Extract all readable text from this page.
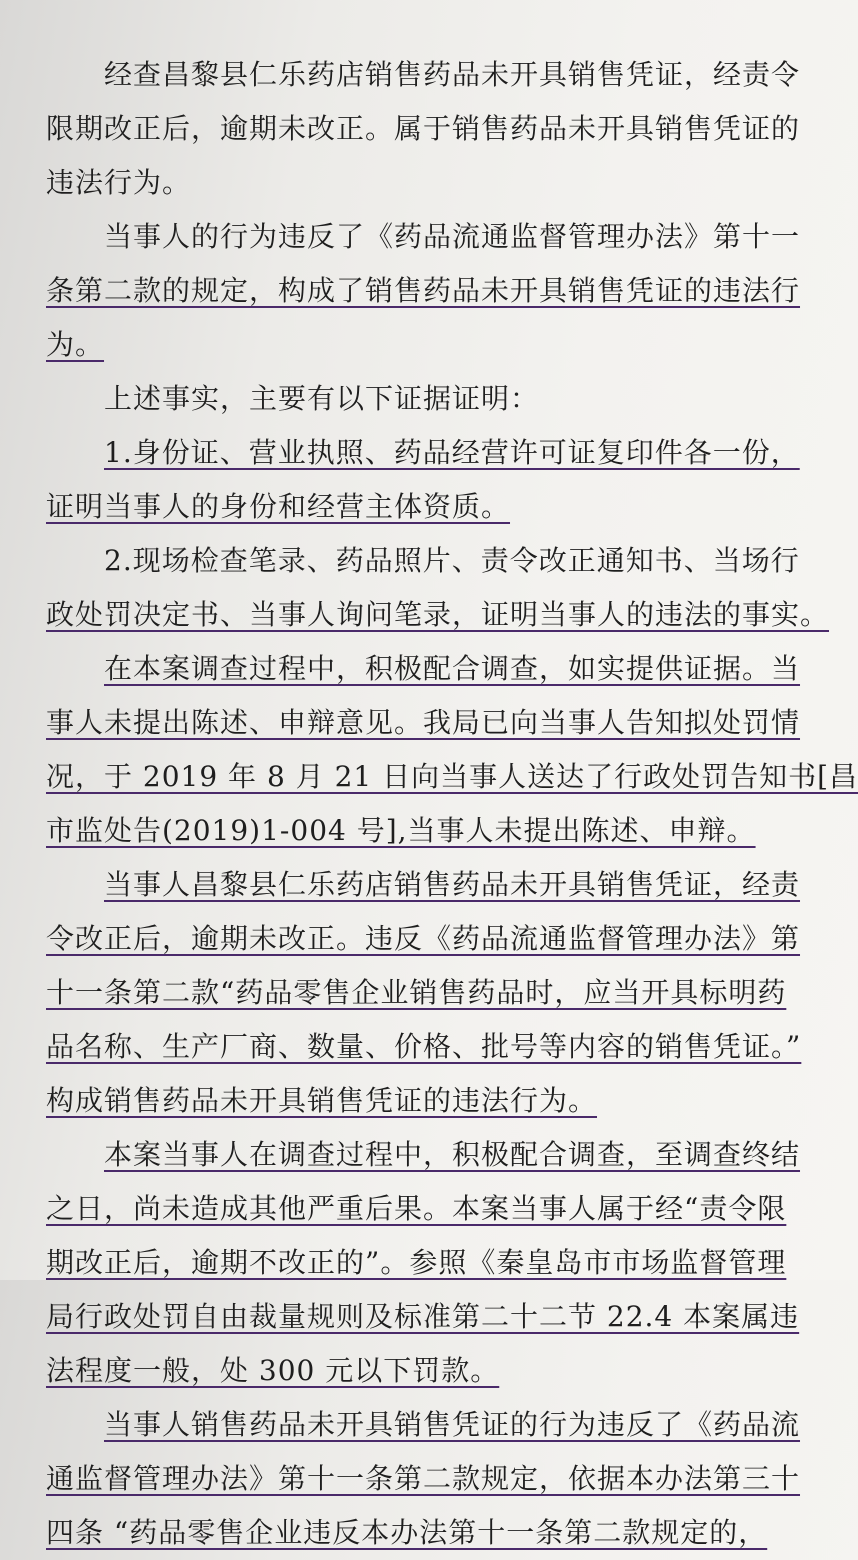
经查昌黎县仁乐药店销售药品未开具销售凭证，经责令
限期改正后，逾期未改正。属于销售药品未开具销售凭证的
违法行为。
当事人的行为违反了《药品流通监督管理办法》第十一
条第二款的规定，构成了销售药品未开具销售凭证的违法行
为。
上述事实，主要有以下证据证明：
1.身份证、营业执照、药品经营许可证复印件各一份，
证明当事人的身份和经营主体资质。
2.现场检查笔录、药品照片、责令改正通知书、当场行
政处罚决定书、当事人询问笔录，证明当事人的违法的事实。
在本案调查过程中，积极配合调查，如实提供证据。当
事人未提出陈述、申辩意见。我局已向当事人告知拟处罚情
况，于 2019 年 8 月 21 日向当事人送达了行政处罚告知书[昌
市监处告(2019)1-004 号],当事人未提出陈述、申辩。
当事人昌黎县仁乐药店销售药品未开具销售凭证，经责
令改正后，逾期未改正。违反《药品流通监督管理办法》第
十一条第二款“药品零售企业销售药品时，应当开具标明药
品名称、生产厂商、数量、价格、批号等内容的销售凭证。”
构成销售药品未开具销售凭证的违法行为。
本案当事人在调查过程中，积极配合调查，至调查终结
之日，尚未造成其他严重后果。本案当事人属于经“责令限
期改正后，逾期不改正的”。参照《秦皇岛市市场监督管理
局行政处罚自由裁量规则及标准第二十二节 22.4 本案属违
法程度一般，处 300 元以下罚款。
当事人销售药品未开具销售凭证的行为违反了《药品流
通监督管理办法》第十一条第二款规定，依据本办法第三十
四条 “药品零售企业违反本办法第十一条第二款规定的，
